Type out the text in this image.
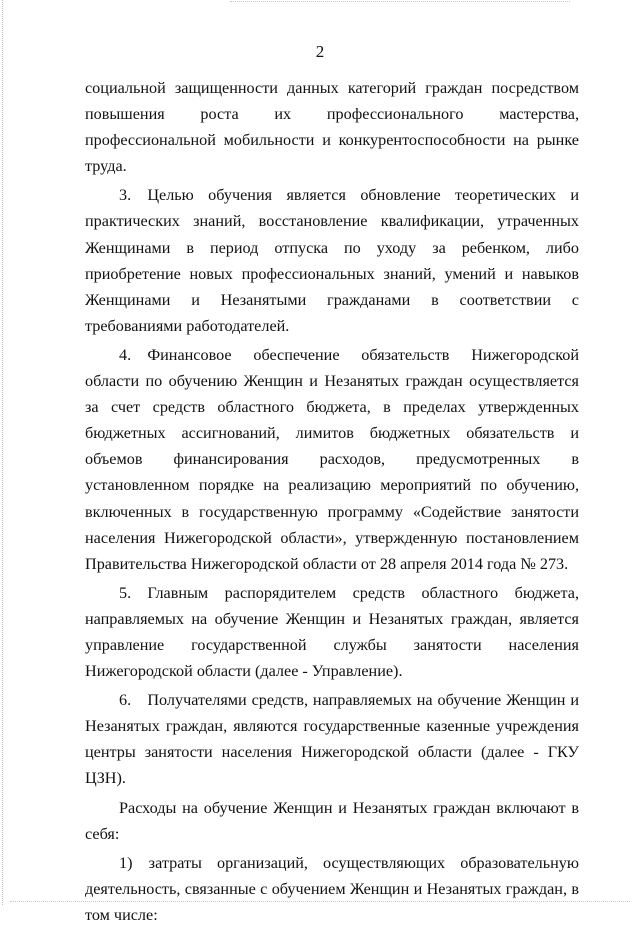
2

социальной защищенности данных категорий граждан посредством повышения роста их профессионального мастерства, профессиональной мобильности и конкурентоспособности на рынке труда.

3. Целью обучения является обновление теоретических и практических знаний, восстановление квалификации, утраченных Женщинами в период отпуска по уходу за ребенком, либо приобретение новых профессиональных знаний, умений и навыков Женщинами и Незанятыми гражданами в соответствии с требованиями работодателей.

4. Финансовое обеспечение обязательств Нижегородской области по обучению Женщин и Незанятых граждан осуществляется за счет средств областного бюджета, в пределах утвержденных бюджетных ассигнований, лимитов бюджетных обязательств и объемов финансирования расходов, предусмотренных в установленном порядке на реализацию мероприятий по обучению, включенных в государственную программу «Содействие занятости населения Нижегородской области», утвержденную постановлением Правительства Нижегородской области от 28 апреля 2014 года № 273.

5. Главным распорядителем средств областного бюджета, направляемых на обучение Женщин и Незанятых граждан, является управление государственной службы занятости населения Нижегородской области (далее - Управление).

6. Получателями средств, направляемых на обучение Женщин и Незанятых граждан, являются государственные казенные учреждения центры занятости населения Нижегородской области (далее - ГКУ ЦЗН).

Расходы на обучение Женщин и Незанятых граждан включают в себя:

1) затраты организаций, осуществляющих образовательную деятельность, связанные с обучением Женщин и Незанятых граждан, в том числе:
